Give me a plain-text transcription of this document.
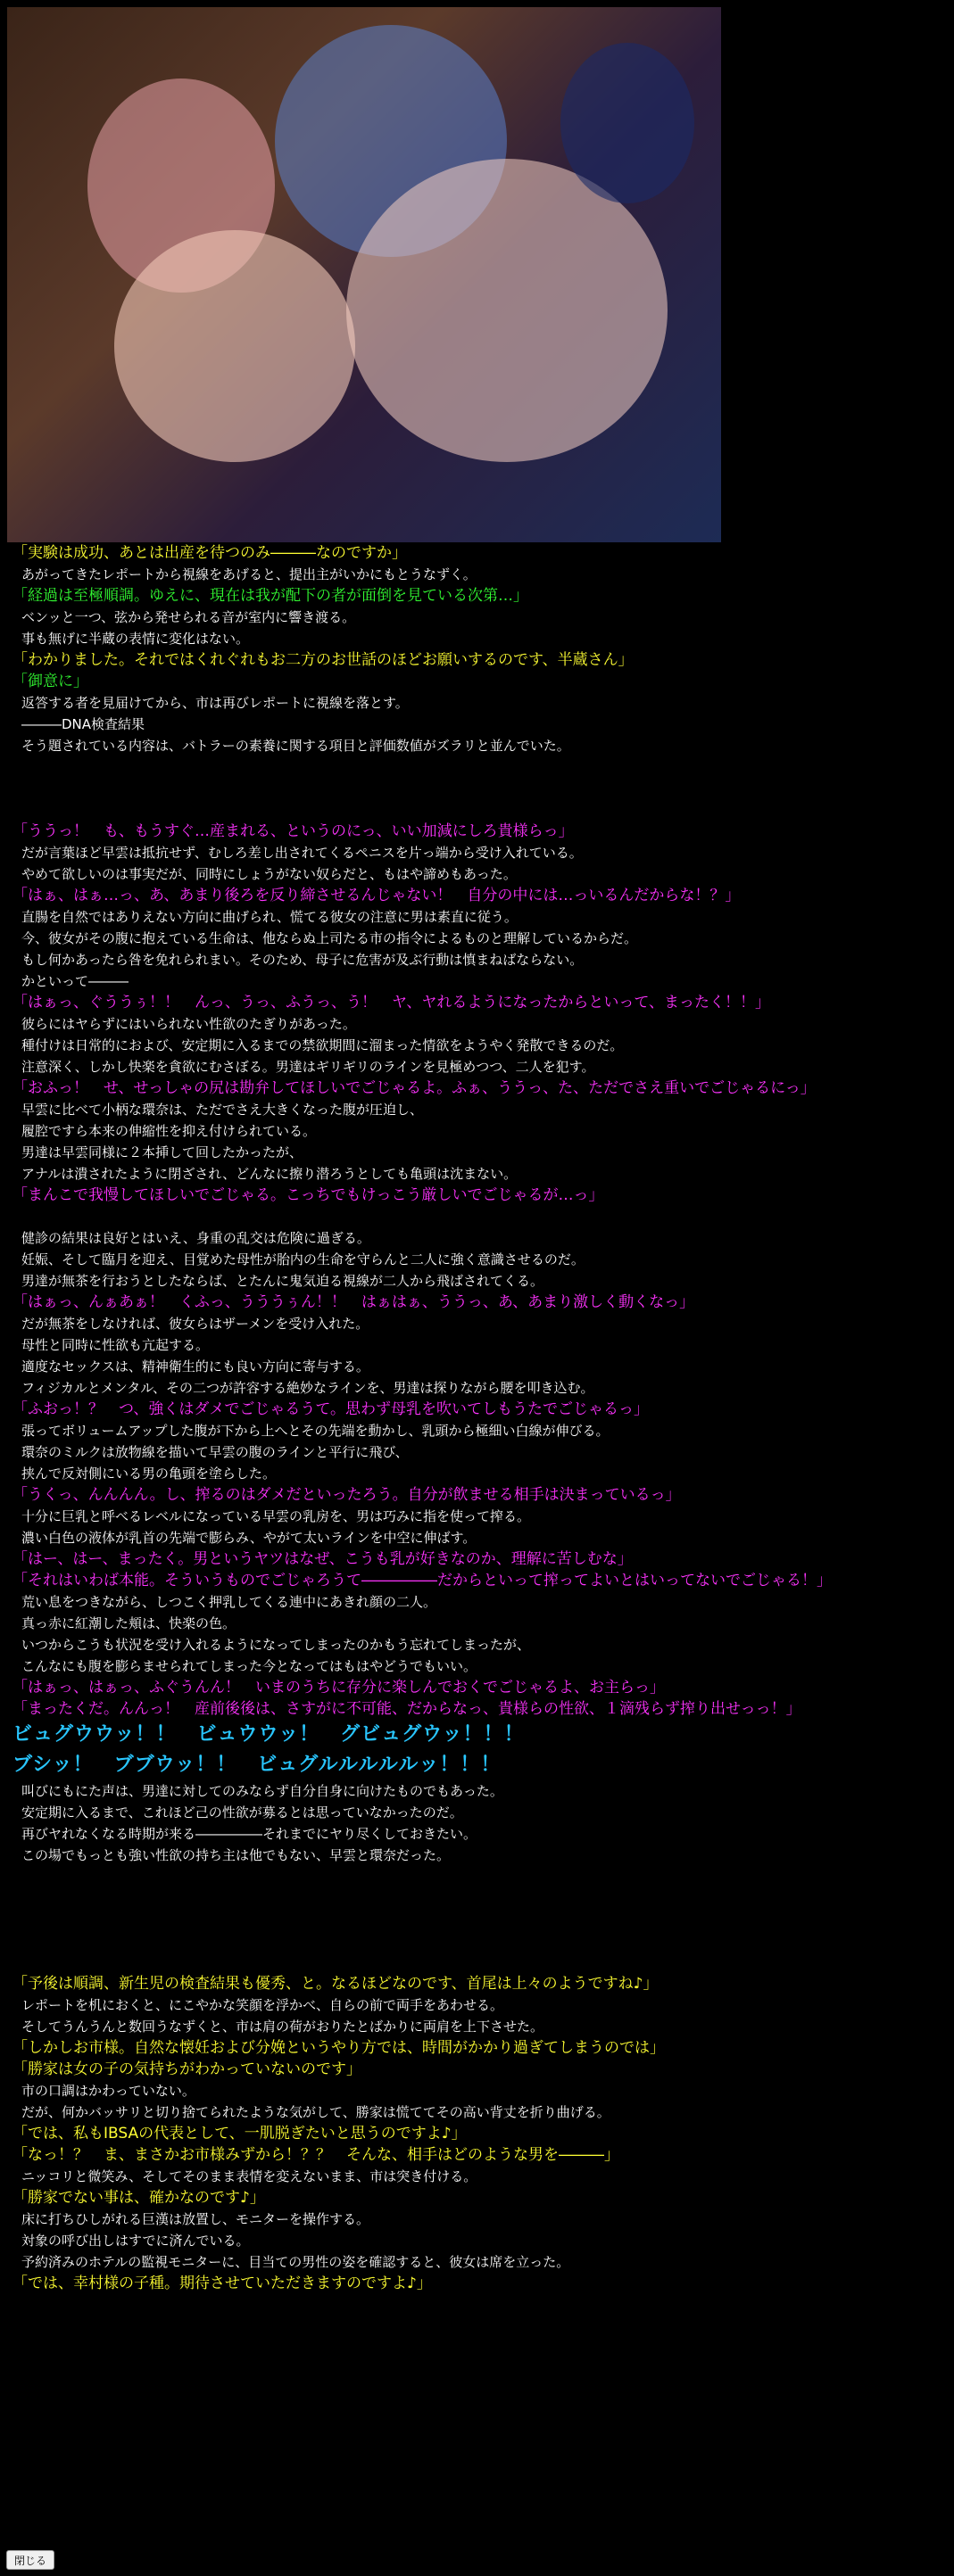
「実験は成功、あとは出産を待つのみ―――なのですか」
あがってきたレポートから視線をあげると、提出主がいかにもとうなずく。
「経過は至極順調。ゆえに、現在は我が配下の者が面倒を見ている次第…」
ベンッと一つ、弦から発せられる音が室内に響き渡る。
事も無げに半蔵の表情に変化はない。
「わかりました。それではくれぐれもお二方のお世話のほどお願いするのです、半蔵さん」
「御意に」
返答する者を見届けてから、市は再びレポートに視線を落とす。
―――DNA検査結果
そう題されている内容は、バトラーの素養に関する項目と評価数値がズラリと並んでいた。
「ううっ！　も、もうすぐ…産まれる、というのにっ、いい加減にしろ貴様らっ」
だが言葉ほど早雲は抵抗せず、むしろ差し出されてくるペニスを片っ端から受け入れている。
やめて欲しいのは事実だが、同時にしょうがない奴らだと、もはや諦めもあった。
「はぁ、はぁ…っ、あ、あまり後ろを反り締させるんじゃない！　自分の中には…っいるんだからな！？」
直腸を自然ではありえない方向に曲げられ、慌てる彼女の注意に男は素直に従う。
今、彼女がその腹に抱えている生命は、他ならぬ上司たる市の指令によるものと理解しているからだ。
もし何かあったら咎を免れられまい。そのため、母子に危害が及ぶ行動は慎まねばならない。
かといって―――
「はぁっ、ぐううぅ！！　んっ、うっ、ふうっ、う！　ヤ、ヤれるようになったからといって、まったく！！」
彼らにはヤらずにはいられない性欲のたぎりがあった。
種付けは日常的におよび、安定期に入るまでの禁欲期間に溜まった情欲をようやく発散できるのだ。
注意深く、しかし快楽を貪欲にむさぼる。男達はギリギリのラインを見極めつつ、二人を犯す。
「おふっ！　せ、せっしゃの尻は勘弁してほしいでごじゃるよ。ふぁ、ううっ、た、ただでさえ重いでごじゃるにっ」
早雲に比べて小柄な環奈は、ただでさえ大きくなった腹が圧迫し、
履腔ですら本来の伸縮性を抑え付けられている。
男達は早雲同様に２本挿して回したかったが、
アナルは潰されたように閉ざされ、どんなに擦り潜ろうとしても亀頭は沈まない。
「まんこで我慢してほしいでごじゃる。こっちでもけっこう厳しいでごじゃるが…っ」
健診の結果は良好とはいえ、身重の乱交は危険に過ぎる。
妊娠、そして臨月を迎え、目覚めた母性が胎内の生命を守らんと二人に強く意識させるのだ。
男達が無茶を行おうとしたならば、とたんに鬼気迫る視線が二人から飛ばされてくる。
「はぁっ、んぁあぁ！　くふっ、うううぅん！！　はぁはぁ、ううっ、あ、あまり激しく動くなっ」
だが無茶をしなければ、彼女らはザーメンを受け入れた。
母性と同時に性欲も亢起する。
適度なセックスは、精神衛生的にも良い方向に寄与する。
フィジカルとメンタル、その二つが許容する絶妙なラインを、男達は探りながら腰を叩き込む。
「ふおっ！？　つ、強くはダメでごじゃるうて。思わず母乳を吹いてしもうたでごじゃるっ」
張ってボリュームアップした腹が下から上へとその先端を動かし、乳頭から極細い白線が伸びる。
環奈のミルクは放物線を描いて早雲の腹のラインと平行に飛び、
挟んで反対側にいる男の亀頭を塗らした。
「うくっ、んんんん。し、搾るのはダメだといったろう。自分が飲ませる相手は決まっているっ」
十分に巨乳と呼べるレベルになっている早雲の乳房を、男は巧みに指を使って搾る。
濃い白色の液体が乳首の先端で膨らみ、やがて太いラインを中空に伸ばす。
「はー、はー、まったく。男というヤツはなぜ、こうも乳が好きなのか、理解に苦しむな」
「それはいわば本能。そういうものでごじゃろうて―――――だからといって搾ってよいとはいってないでごじゃる！」
荒い息をつきながら、しつこく押乳してくる連中にあきれ顔の二人。
真っ赤に紅潮した頬は、快楽の色。
いつからこうも状況を受け入れるようになってしまったのかもう忘れてしまったが、
こんなにも腹を膨らませられてしまった今となってはもはやどうでもいい。
「はぁっ、はぁっ、ふぐうんん！　いまのうちに存分に楽しんでおくでごじゃるよ、お主らっ」
「まったくだ。んんっ！　産前後後は、さすがに不可能、だからなっ、貴様らの性欲、１滴残らず搾り出せっっ！」
ビュグウウッ！！　ビュウウッ！　グビュグウッ！！！
ブシッ！　ブブウッ！！　ビュグルルルルルッ！！！
叫びにもにた声は、男達に対してのみならず自分自身に向けたものでもあった。
安定期に入るまで、これほど己の性欲が募るとは思っていなかったのだ。
再びヤれなくなる時期が来る―――――それまでにヤり尽くしておきたい。
この場でもっとも強い性欲の持ち主は他でもない、早雲と環奈だった。
「予後は順調、新生児の検査結果も優秀、と。なるほどなのです、首尾は上々のようですね♪」
レポートを机におくと、にこやかな笑顔を浮かべ、自らの前で両手をあわせる。
そしてうんうんと数回うなずくと、市は肩の荷がおりたとばかりに両肩を上下させた。
「しかしお市様。自然な懐妊および分娩というやり方では、時間がかかり過ぎてしまうのでは」
「勝家は女の子の気持ちがわかっていないのです」
市の口調はかわっていない。
だが、何かバッサリと切り捨てられたような気がして、勝家は慌ててその高い背丈を折り曲げる。
「では、私もIBSAの代表として、一肌脱ぎたいと思うのですよ♪」
「なっ！？　ま、まさかお市様みずから！？？　そんな、相手はどのような男を―――」
ニッコリと微笑み、そしてそのまま表情を変えないまま、市は突き付ける。
「勝家でない事は、確かなのです♪」
床に打ちひしがれる巨漢は放置し、モニターを操作する。
対象の呼び出しはすでに済んでいる。
予約済みのホテルの監視モニターに、目当ての男性の姿を確認すると、彼女は席を立った。
「では、幸村様の子種。期待させていただきますのですよ♪」
閉じる
